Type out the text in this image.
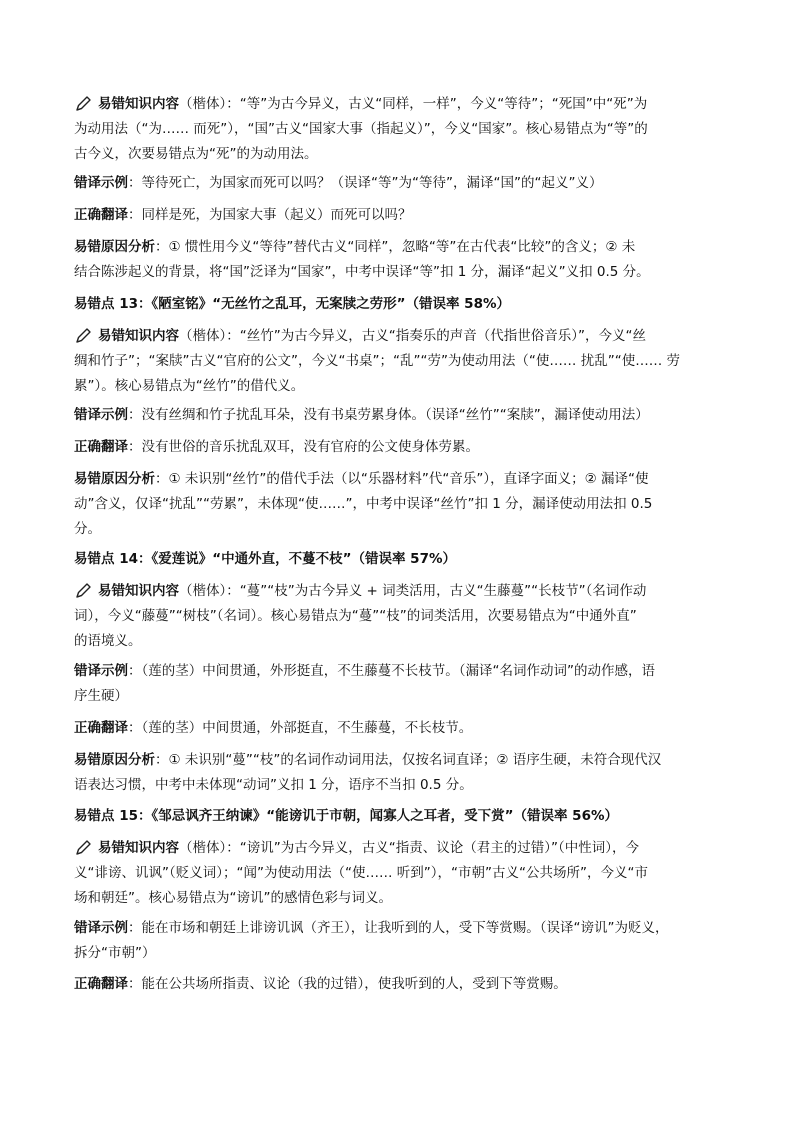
易错知识内容（楷体）：“等”为古今异义，古义“同样，一样”，今义“等待”；“死国”中“死”为
为动用法（“为…… 而死”），“国”古义“国家大事（指起义）”，今义“国家”。核心易错点为“等”的
古今义，次要易错点为“死”的为动用法。
错译示例：等待死亡，为国家而死可以吗？（误译“等”为“等待”，漏译“国”的“起义”义）
正确翻译：同样是死，为国家大事（起义）而死可以吗？
易错原因分析：① 惯性用今义“等待”替代古义“同样”，忽略“等”在古代表“比较”的含义；② 未
结合陈涉起义的背景，将“国”泛译为“国家”，中考中误译“等”扣 1 分，漏译“起义”义扣 0.5 分。
易错点 13：《陋室铭》“无丝竹之乱耳，无案牍之劳形”（错误率 58%）
易错知识内容（楷体）：“丝竹”为古今异义，古义“指奏乐的声音（代指世俗音乐）”，今义“丝
绸和竹子”；“案牍”古义“官府的公文”，今义“书桌”；“乱”“劳”为使动用法（“使…… 扰乱”“使…… 劳
累”）。核心易错点为“丝竹”的借代义。
错译示例：没有丝绸和竹子扰乱耳朵，没有书桌劳累身体。（误译“丝竹”“案牍”，漏译使动用法）
正确翻译：没有世俗的音乐扰乱双耳，没有官府的公文使身体劳累。
易错原因分析：① 未识别“丝竹”的借代手法（以“乐器材料”代“音乐”），直译字面义；② 漏译“使
动”含义，仅译“扰乱”“劳累”，未体现“使……”，中考中误译“丝竹”扣 1 分，漏译使动用法扣 0.5
分。
易错点 14：《爱莲说》“中通外直，不蔓不枝”（错误率 57%）
易错知识内容（楷体）：“蔓”“枝”为古今异义 + 词类活用，古义“生藤蔓”“长枝节”（名词作动
词），今义“藤蔓”“树枝”（名词）。核心易错点为“蔓”“枝”的词类活用，次要易错点为“中通外直”
的语境义。
错译示例：（莲的茎）中间贯通，外形挺直，不生藤蔓不长枝节。（漏译“名词作动词”的动作感，语
序生硬）
正确翻译：（莲的茎）中间贯通，外部挺直，不生藤蔓，不长枝节。
易错原因分析：① 未识别“蔓”“枝”的名词作动词用法，仅按名词直译；② 语序生硬，未符合现代汉
语表达习惯，中考中未体现“动词”义扣 1 分，语序不当扣 0.5 分。
易错点 15：《邹忌讽齐王纳谏》“能谤讥于市朝，闻寡人之耳者，受下赏”（错误率 56%）
易错知识内容（楷体）：“谤讥”为古今异义，古义“指责、议论（君主的过错）”（中性词），今
义“诽谤、讥讽”（贬义词）；“闻”为使动用法（“使…… 听到”），“市朝”古义“公共场所”，今义“市
场和朝廷”。核心易错点为“谤讥”的感情色彩与词义。
错译示例：能在市场和朝廷上诽谤讥讽（齐王），让我听到的人，受下等赏赐。（误译“谤讥”为贬义，
拆分“市朝”）
正确翻译：能在公共场所指责、议论（我的过错），使我听到的人，受到下等赏赐。
